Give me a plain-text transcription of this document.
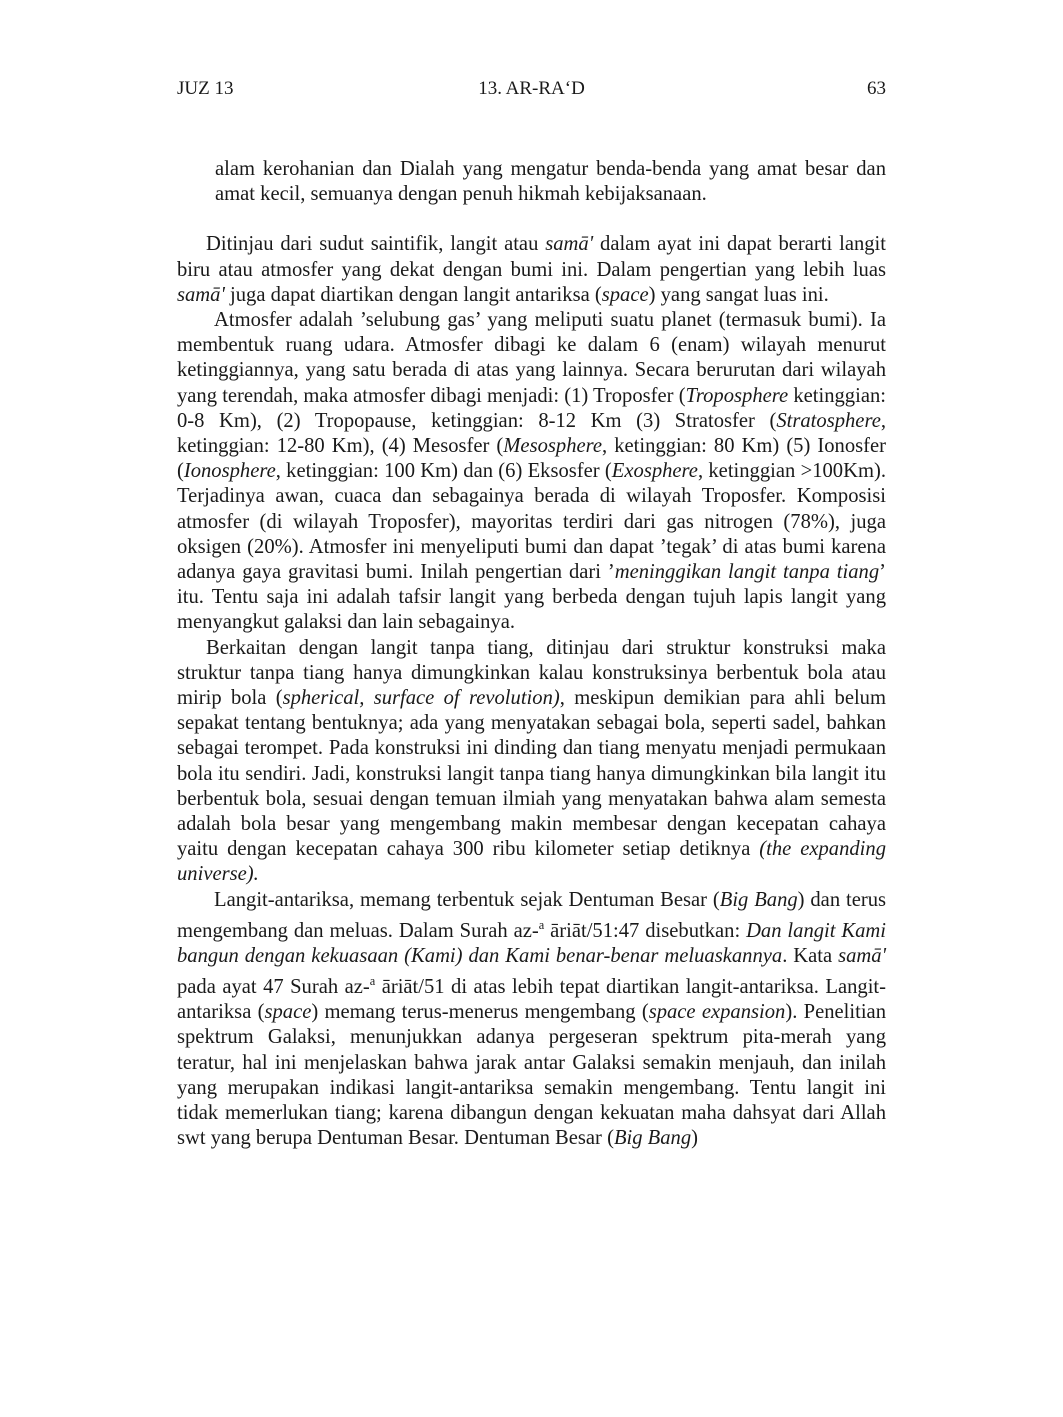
JUZ 13	13. AR-RA‘D	63

alam kerohanian dan Dialah yang mengatur benda-benda yang amat besar dan amat kecil, semuanya dengan penuh hikmah kebijaksanaan.

Ditinjau dari sudut saintifik, langit atau samā' dalam ayat ini dapat berarti langit biru atau atmosfer yang dekat dengan bumi ini. Dalam pengertian yang lebih luas samā' juga dapat diartikan dengan langit antariksa (space) yang sangat luas ini.

Atmosfer adalah ’selubung gas’ yang meliputi suatu planet (termasuk bumi). Ia membentuk ruang udara. Atmosfer dibagi ke dalam 6 (enam) wilayah menurut ketinggiannya, yang satu berada di atas yang lainnya. Secara berurutan dari wilayah yang terendah, maka atmosfer dibagi menjadi: (1) Troposfer (Troposphere ketinggian: 0-8 Km), (2) Tropopause, ketinggian: 8-12 Km (3) Stratosfer (Stratosphere, ketinggian: 12-80 Km), (4) Mesosfer (Mesosphere, ketinggian: 80 Km) (5) Ionosfer (Ionosphere, ketinggian: 100 Km) dan (6) Eksosfer (Exosphere, ketinggian >100Km). Terjadinya awan, cuaca dan sebagainya berada di wilayah Troposfer. Komposisi atmosfer (di wilayah Troposfer), mayoritas terdiri dari gas nitrogen (78%), juga oksigen (20%). Atmosfer ini menyeliputi bumi dan dapat ’tegak’ di atas bumi karena adanya gaya gravitasi bumi. Inilah pengertian dari ’meninggikan langit tanpa tiang’ itu. Tentu saja ini adalah tafsir langit yang berbeda dengan tujuh lapis langit yang menyangkut galaksi dan lain sebagainya.

Berkaitan dengan langit tanpa tiang, ditinjau dari struktur konstruksi maka struktur tanpa tiang hanya dimungkinkan kalau konstruksinya berbentuk bola atau mirip bola (spherical, surface of revolution), meskipun demikian para ahli belum sepakat tentang bentuknya; ada yang menyatakan sebagai bola, seperti sadel, bahkan sebagai terompet. Pada konstruksi ini dinding dan tiang menyatu menjadi permukaan bola itu sendiri. Jadi, konstruksi langit tanpa tiang hanya dimungkinkan bila langit itu berbentuk bola, sesuai dengan temuan ilmiah yang menyatakan bahwa alam semesta adalah bola besar yang mengembang makin membesar dengan kecepatan cahaya yaitu dengan kecepatan cahaya 300 ribu kilometer setiap detiknya (the expanding universe).

Langit-antariksa, memang terbentuk sejak Dentuman Besar (Big Bang) dan terus mengembang dan meluas. Dalam Surah az-$^a$ āriāt/51:47 disebutkan: Dan langit Kami bangun dengan kekuasaan (Kami) dan Kami benar-benar meluaskannya. Kata samā' pada ayat 47 Surah az-$^a$ āriāt/51 di atas lebih tepat diartikan langit-antariksa. Langit-antariksa (space) memang terus-menerus mengembang (space expansion). Penelitian spektrum Galaksi, menunjukkan adanya pergeseran spektrum pita-merah yang teratur, hal ini menjelaskan bahwa jarak antar Galaksi semakin menjauh, dan inilah yang merupakan indikasi langit-antariksa semakin mengembang. Tentu langit ini tidak memerlukan tiang; karena dibangun dengan kekuatan maha dahsyat dari Allah swt yang berupa Dentuman Besar. Dentuman Besar (Big Bang)
